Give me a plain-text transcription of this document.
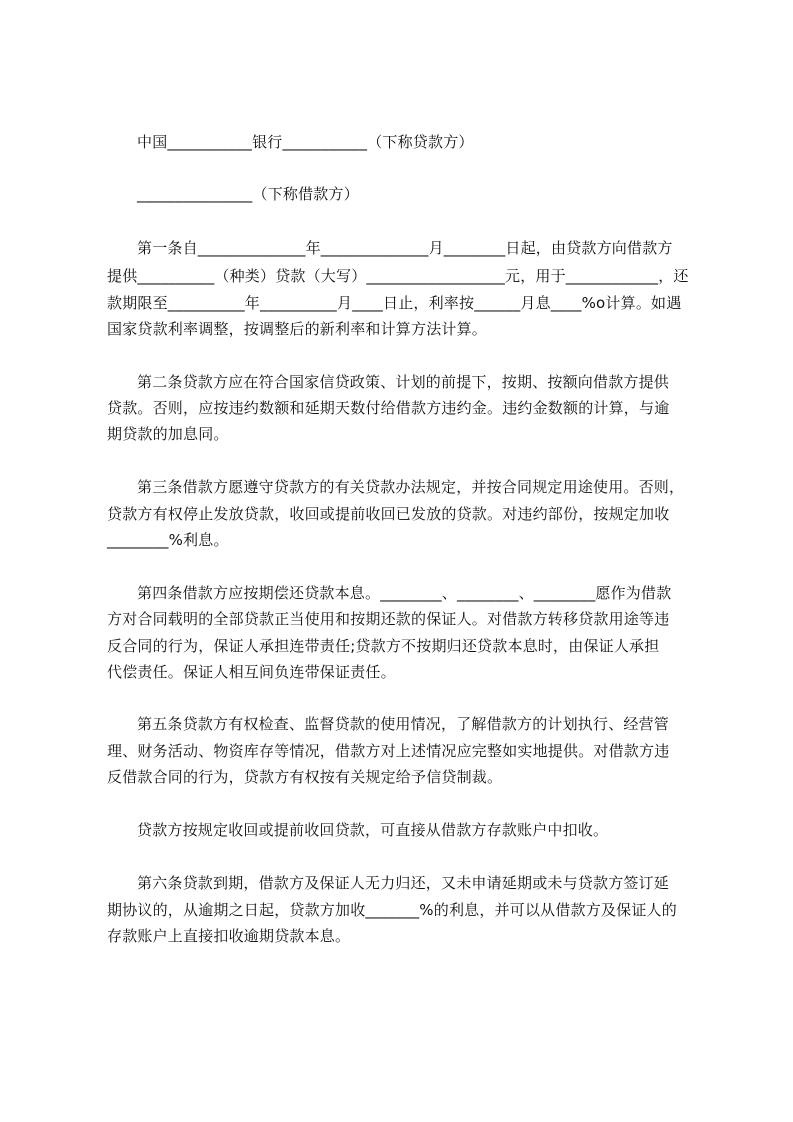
中国___________银行___________（下称贷款方）
_______________（下称借款方）
第一条自______________年______________月________日起，由贷款方向借款方
提供__________（种类）贷款（大写）__________________元，用于____________，还
款期限至__________年__________月____日止，利率按______月息____%o计算。如遇
国家贷款利率调整，按调整后的新利率和计算方法计算。
第二条贷款方应在符合国家信贷政策、计划的前提下，按期、按额向借款方提供
贷款。否则，应按违约数额和延期天数付给借款方违约金。违约金数额的计算，与逾
期贷款的加息同。
第三条借款方愿遵守贷款方的有关贷款办法规定，并按合同规定用途使用。否则，
贷款方有权停止发放贷款，收回或提前收回已发放的贷款。对违约部份，按规定加收
________%利息。
第四条借款方应按期偿还贷款本息。________、________、________愿作为借款
方对合同载明的全部贷款正当使用和按期还款的保证人。对借款方转移贷款用途等违
反合同的行为，保证人承担连带责任;贷款方不按期归还贷款本息时，由保证人承担
代偿责任。保证人相互间负连带保证责任。
第五条贷款方有权检查、监督贷款的使用情况，了解借款方的计划执行、经营管
理、财务活动、物资库存等情况，借款方对上述情况应完整如实地提供。对借款方违
反借款合同的行为，贷款方有权按有关规定给予信贷制裁。
贷款方按规定收回或提前收回贷款，可直接从借款方存款账户中扣收。
第六条贷款到期，借款方及保证人无力归还，又未申请延期或未与贷款方签订延
期协议的，从逾期之日起，贷款方加收_______%的利息，并可以从借款方及保证人的
存款账户上直接扣收逾期贷款本息。
